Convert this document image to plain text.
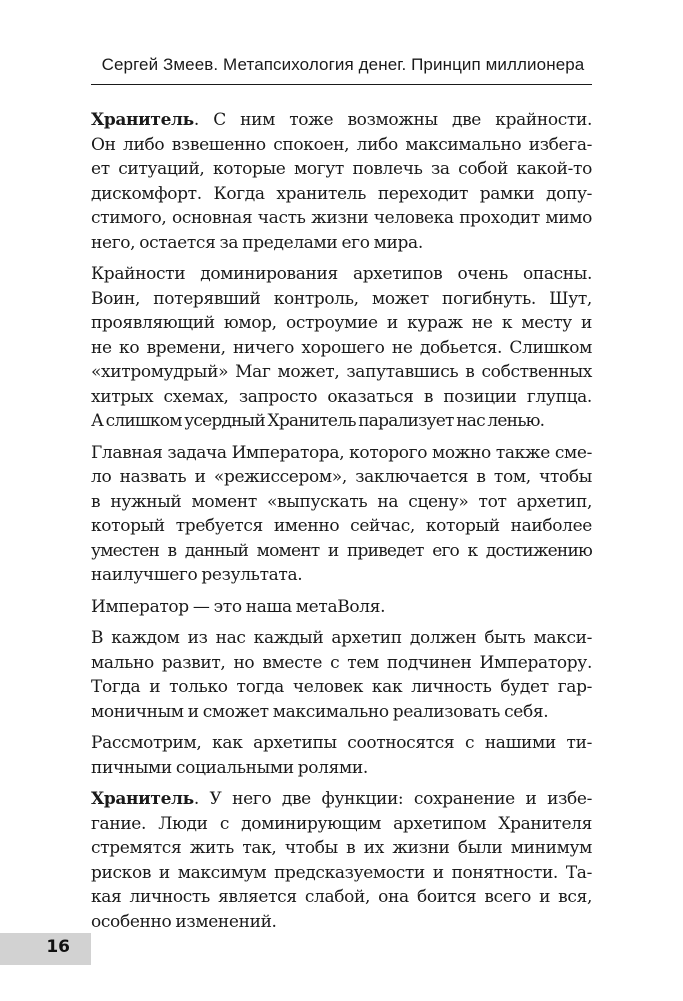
Сергей Змеев. Метапсихология денег. Принцип миллионера
Хранитель. С ним тоже возможны две крайности.
Он либо взвешенно спокоен, либо максимально избега-
ет ситуаций, которые могут повлечь за собой какой-то
дискомфорт. Когда хранитель переходит рамки допу-
стимого, основная часть жизни человека проходит мимо
него, остается за пределами его мира.
Крайности доминирования архетипов очень опасны.
Воин, потерявший контроль, может погибнуть. Шут,
проявляющий юмор, остроумие и кураж не к месту и
не ко времени, ничего хорошего не добьется. Слишком
«хитромудрый» Маг может, запутавшись в собственных
хитрых схемах, запросто оказаться в позиции глупца.
А слишком усердный Хранитель парализует нас ленью.
Главная задача Императора, которого можно также сме-
ло назвать и «режиссером», заключается в том, чтобы
в нужный момент «выпускать на сцену» тот архетип,
который требуется именно сейчас, который наиболее
уместен в данный момент и приведет его к достижению
наилучшего результата.
Император — это наша метаВоля.
В каждом из нас каждый архетип должен быть макси-
мально развит, но вместе с тем подчинен Императору.
Тогда и только тогда человек как личность будет гар-
моничным и сможет максимально реализовать себя.
Рассмотрим, как архетипы соотносятся с нашими ти-
пичными социальными ролями.
Хранитель. У него две функции: сохранение и избе-
гание. Люди с доминирующим архетипом Хранителя
стремятся жить так, чтобы в их жизни были минимум
рисков и максимум предсказуемости и понятности. Та-
кая личность является слабой, она боится всего и вся,
особенно изменений.
16
